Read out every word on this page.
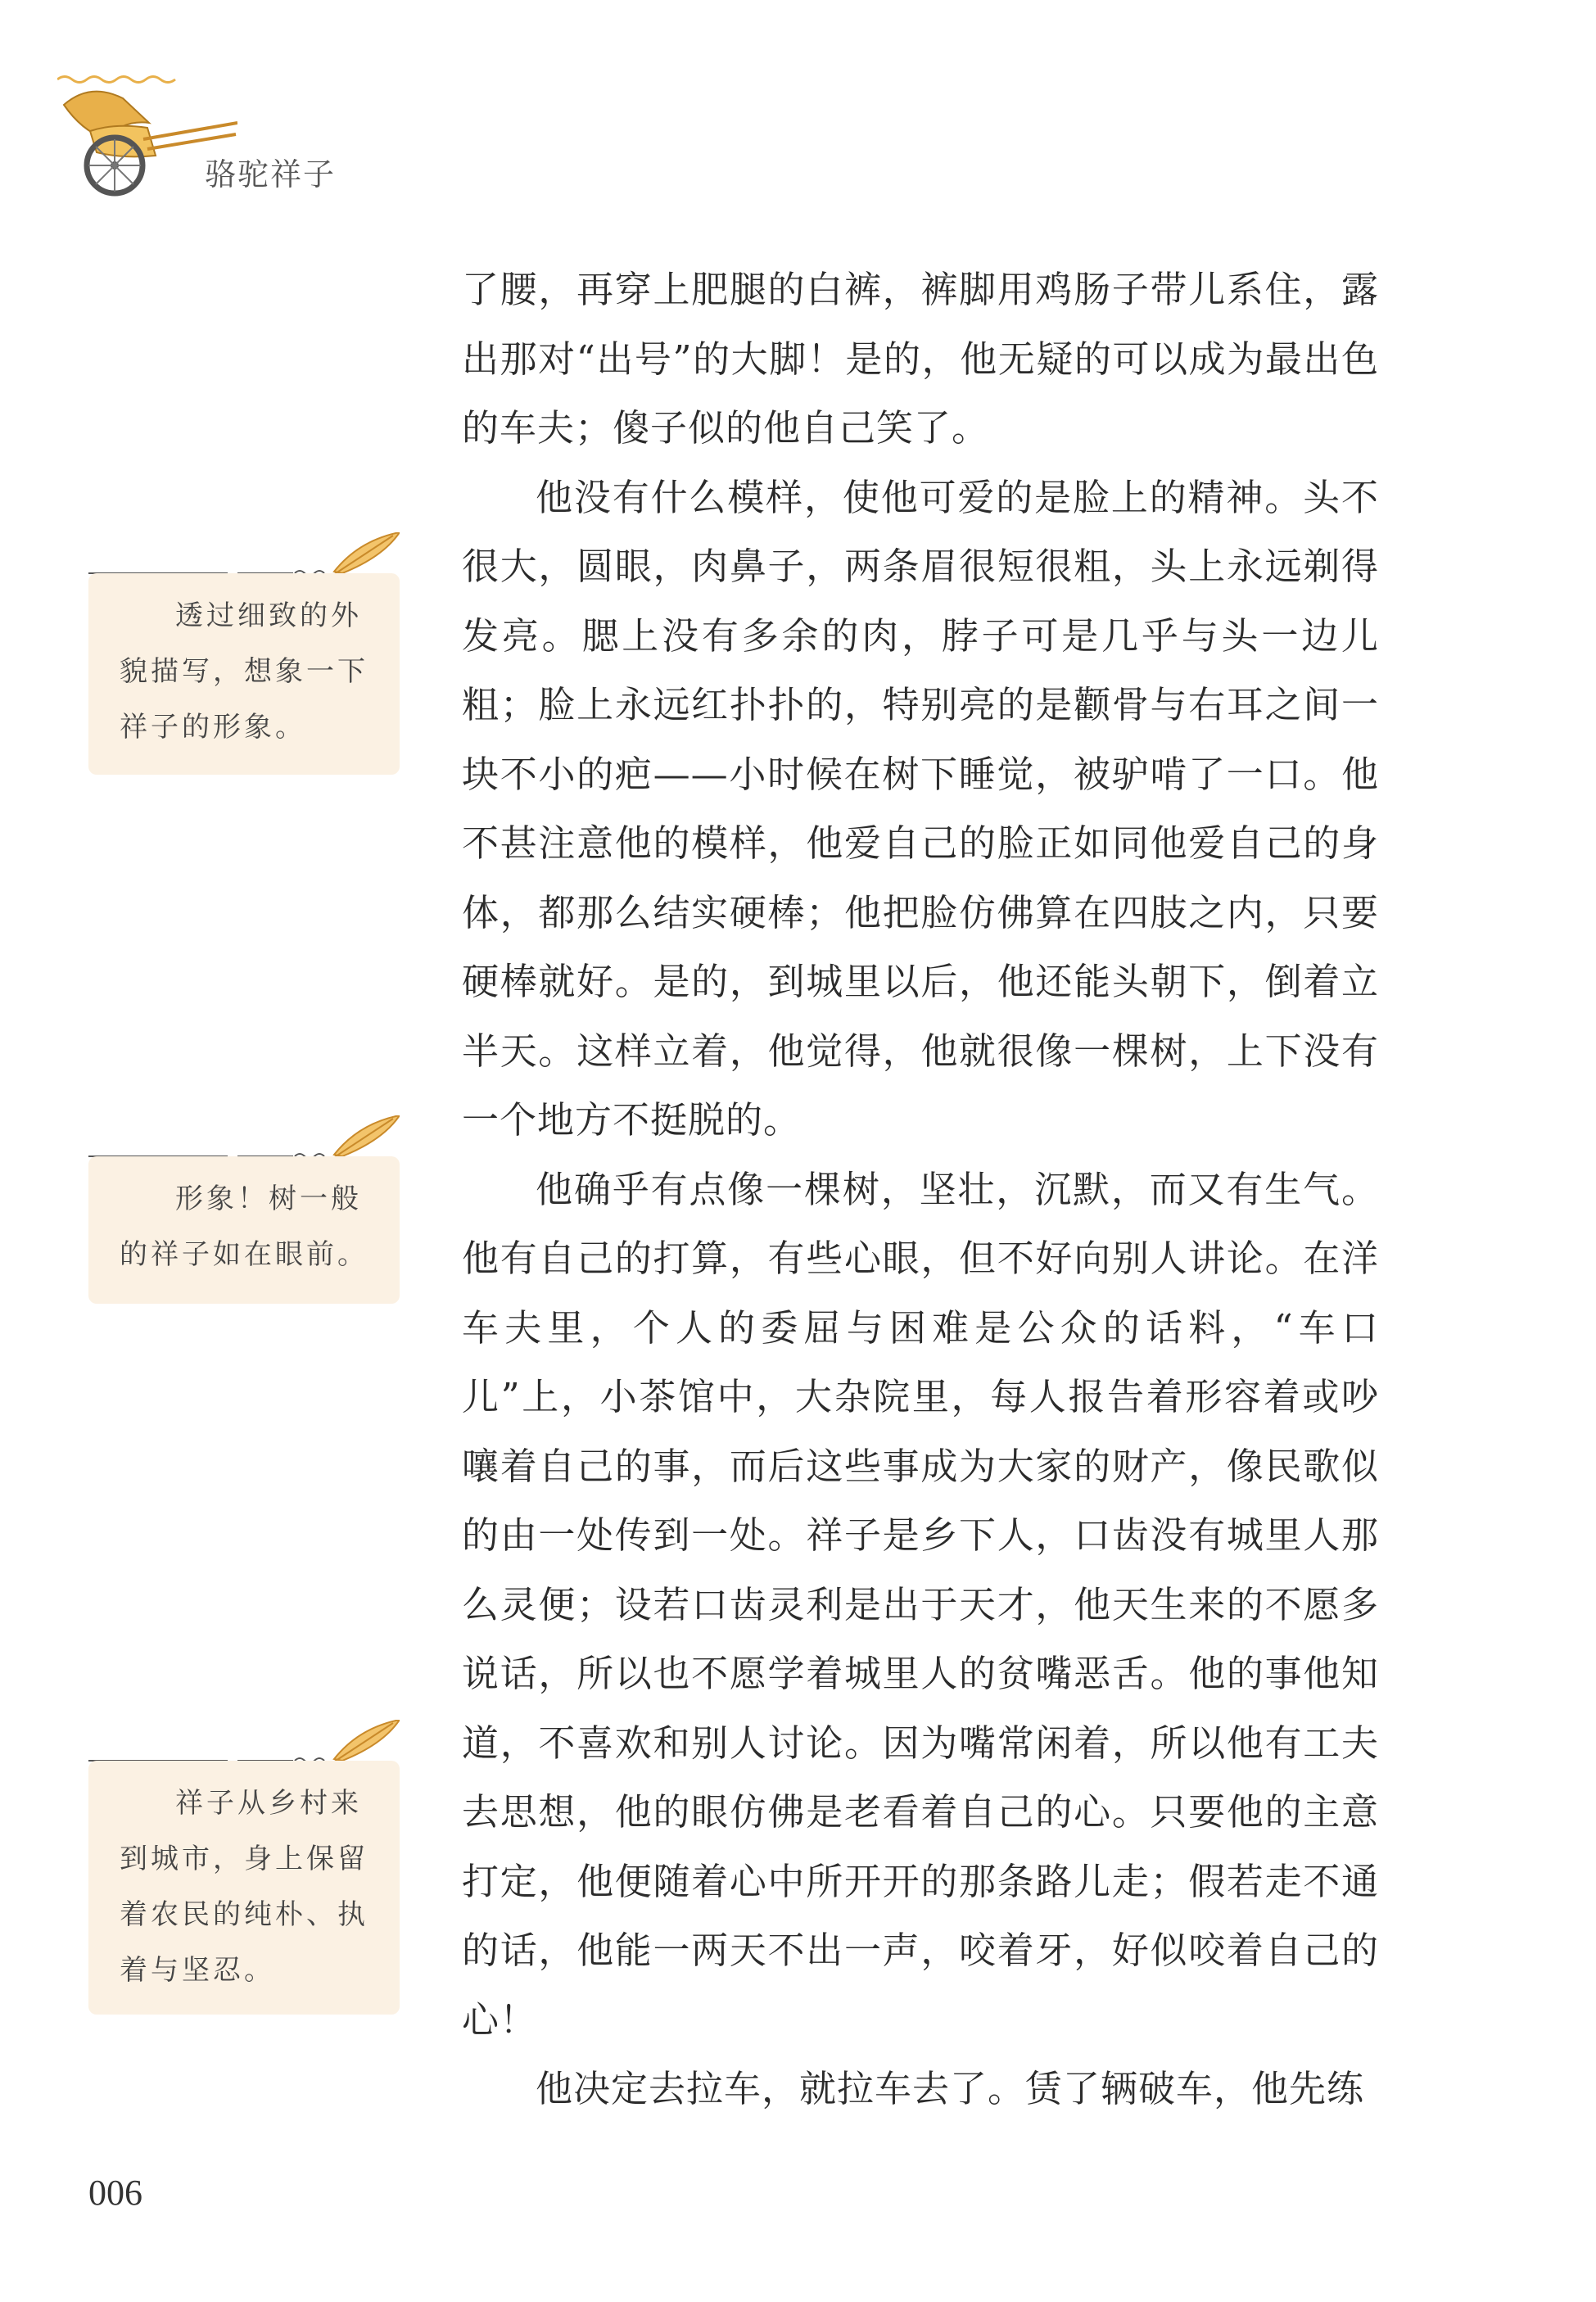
骆驼祥子

了腰，再穿上肥腿的白裤，裤脚用鸡肠子带儿系住，露出那对“出号”的大脚！是的，他无疑的可以成为最出色的车夫；傻子似的他自己笑了。

他没有什么模样，使他可爱的是脸上的精神。头不很大，圆眼，肉鼻子，两条眉很短很粗，头上永远剃得发亮。腮上没有多余的肉，脖子可是几乎与头一边儿粗；脸上永远红扑扑的，特别亮的是颧骨与右耳之间一块不小的疤——小时候在树下睡觉，被驴啃了一口。他不甚注意他的模样，他爱自己的脸正如同他爱自己的身体，都那么结实硬棒；他把脸仿佛算在四肢之内，只要硬棒就好。是的，到城里以后，他还能头朝下，倒着立半天。这样立着，他觉得，他就很像一棵树，上下没有一个地方不挺脱的。

他确乎有点像一棵树，坚壮，沉默，而又有生气。他有自己的打算，有些心眼，但不好向别人讲论。在洋车夫里，个人的委屈与困难是公众的话料，“车口儿”上，小茶馆中，大杂院里，每人报告着形容着或吵嚷着自己的事，而后这些事成为大家的财产，像民歌似的由一处传到一处。祥子是乡下人，口齿没有城里人那么灵便；设若口齿灵利是出于天才，他天生来的不愿多说话，所以也不愿学着城里人的贫嘴恶舌。他的事他知道，不喜欢和别人讨论。因为嘴常闲着，所以他有工夫去思想，他的眼仿佛是老看着自己的心。只要他的主意打定，他便随着心中所开开的那条路儿走；假若走不通的话，他能一两天不出一声，咬着牙，好似咬着自己的心！

他决定去拉车，就拉车去了。赁了辆破车，他先练

透过细致的外貌描写，想象一下祥子的形象。
形象！树一般的祥子如在眼前。
祥子从乡村来到城市，身上保留着农民的纯朴、执着与坚忍。
006
